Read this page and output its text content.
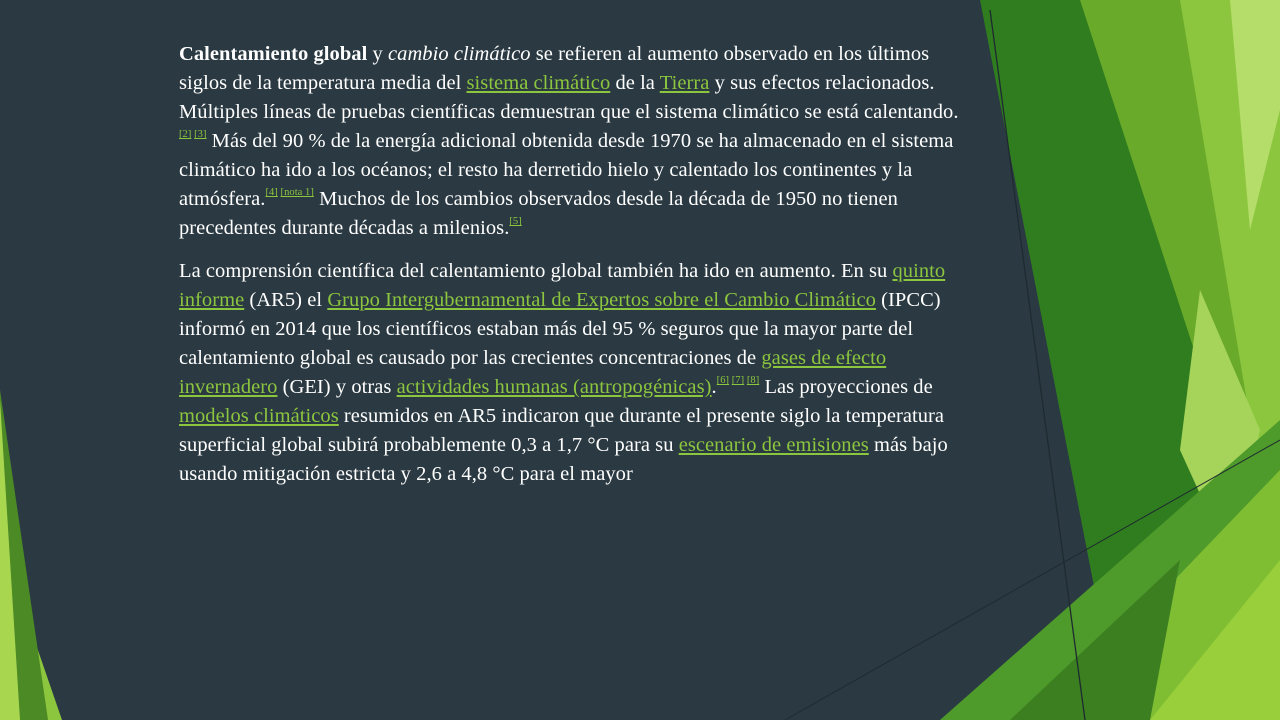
Calentamiento global y cambio climático se refieren al aumento observado en los últimos siglos de la temperatura media del sistema climático de la Tierra y sus efectos relacionados. Múltiples líneas de pruebas científicas demuestran que el sistema climático se está calentando.[2] [3] Más del 90 % de la energía adicional obtenida desde 1970 se ha almacenado en el sistema climático ha ido a los océanos; el resto ha derretido hielo y calentado los continentes y la atmósfera.[4] [nota 1] Muchos de los cambios observados desde la década de 1950 no tienen precedentes durante décadas a milenios.[5]

La comprensión científica del calentamiento global también ha ido en aumento. En su quinto informe (AR5) el Grupo Intergubernamental de Expertos sobre el Cambio Climático (IPCC) informó en 2014 que los científicos estaban más del 95 % seguros que la mayor parte del calentamiento global es causado por las crecientes concentraciones de gases de efecto invernadero (GEI) y otras actividades humanas (antropogénicas).[6] [7] [8] Las proyecciones de modelos climáticos resumidos en AR5 indicaron que durante el presente siglo la temperatura superficial global subirá probablemente 0,3 a 1,7 °C para su escenario de emisiones más bajo usando mitigación estricta y 2,6 a 4,8 °C para el mayor
